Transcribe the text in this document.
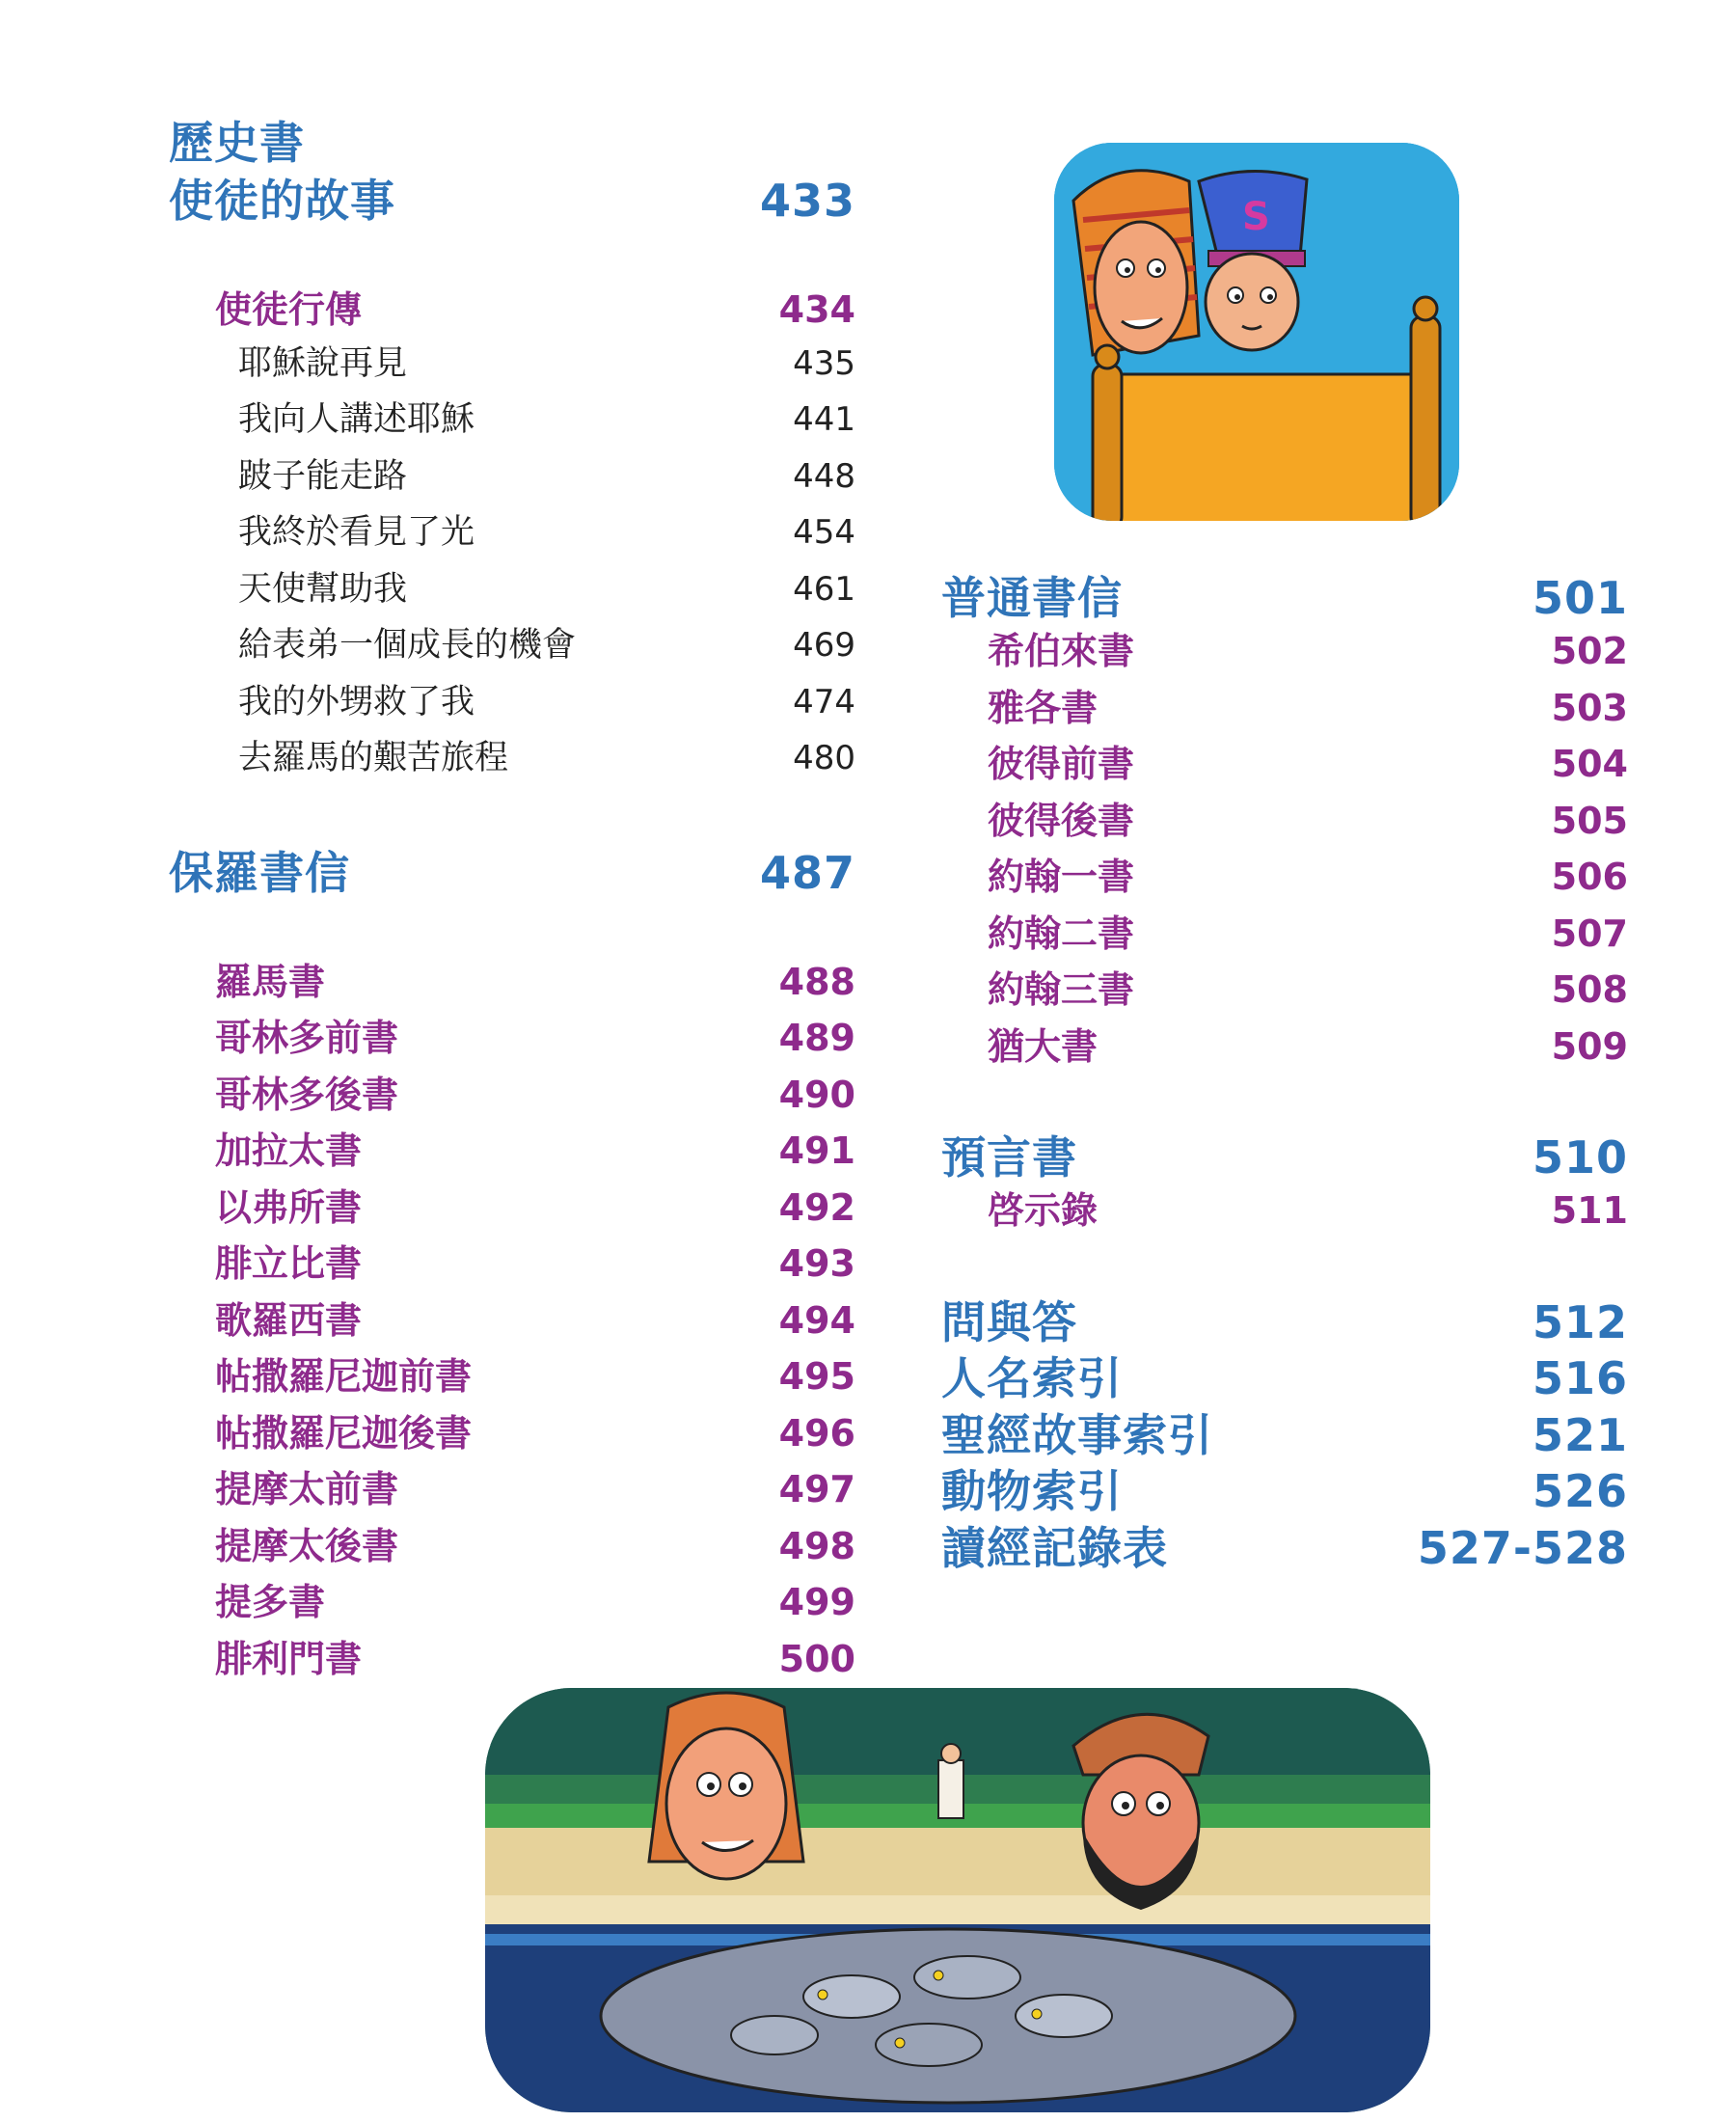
歷史書
使徒的故事	433
使徒行傳	434
耶穌說再見	435
我向人講述耶穌	441
跛子能走路	448
我終於看見了光	454
天使幫助我	461
給表弟一個成長的機會	469
我的外甥救了我	474
去羅馬的艱苦旅程	480
保羅書信	487
羅馬書	488
哥林多前書	489
哥林多後書	490
加拉太書	491
以弗所書	492
腓立比書	493
歌羅西書	494
帖撒羅尼迦前書	495
帖撒羅尼迦後書	496
提摩太前書	497
提摩太後書	498
提多書	499
腓利門書	500
S
普通書信	501
希伯來書	502
雅各書	503
彼得前書	504
彼得後書	505
約翰一書	506
約翰二書	507
約翰三書	508
猶大書	509
預言書	510
啓示錄	511
問與答	512
人名索引	516
聖經故事索引	521
動物索引	526
讀經記錄表	527-528
